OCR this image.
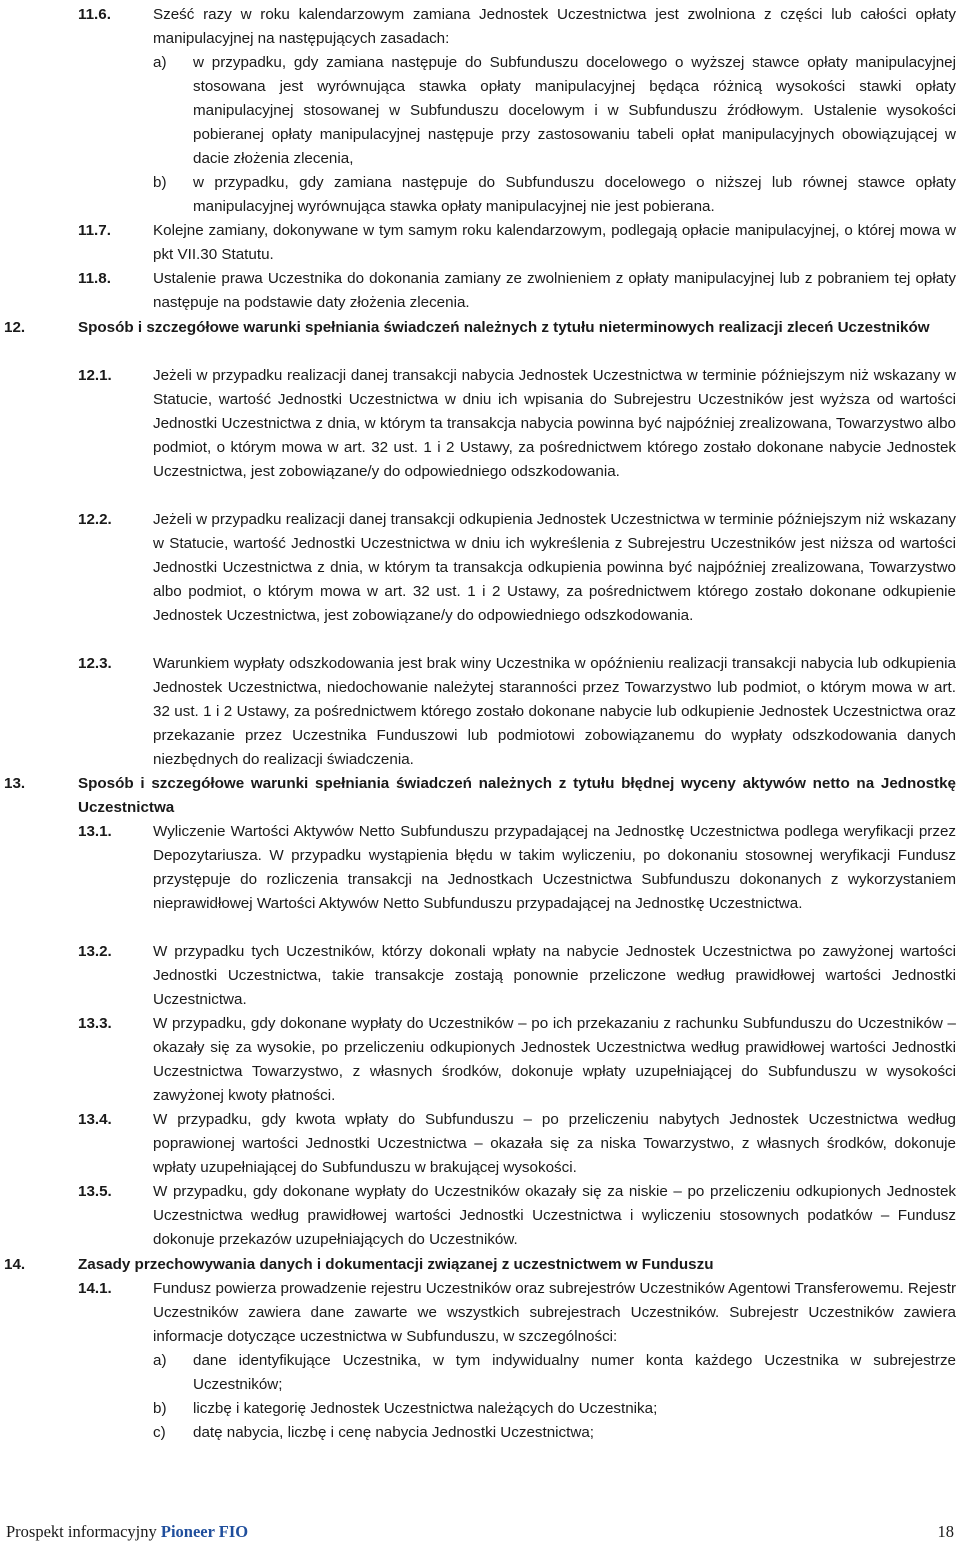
11.6.	Sześć razy w roku kalendarzowym zamiana Jednostek Uczestnictwa jest zwolniona z części lub całości opłaty manipulacyjnej na następujących zasadach:
a) w przypadku, gdy zamiana następuje do Subfunduszu docelowego o wyższej stawce opłaty manipulacyjnej stosowana jest wyrównująca stawka opłaty manipulacyjnej będąca różnicą wysokości stawki opłaty manipulacyjnej stosowanej w Subfunduszu docelowym i w Subfunduszu źródłowym. Ustalenie wysokości pobieranej opłaty manipulacyjnej następuje przy zastosowaniu tabeli opłat manipulacyjnych obowiązującej w dacie złożenia zlecenia,
b) w przypadku, gdy zamiana następuje do Subfunduszu docelowego o niższej lub równej stawce opłaty manipulacyjnej wyrównująca stawka opłaty manipulacyjnej nie jest pobierana.
11.7.	Kolejne zamiany, dokonywane w tym samym roku kalendarzowym, podlegają opłacie manipulacyjnej, o której mowa w pkt VII.30 Statutu.
11.8.	Ustalenie prawa Uczestnika do dokonania zamiany ze zwolnieniem z opłaty manipulacyjnej lub z pobraniem tej opłaty następuje na podstawie daty złożenia zlecenia.
12.	Sposób i szczegółowe warunki spełniania świadczeń należnych z tytułu nieterminowych realizacji zleceń Uczestników
12.1.	Jeżeli w przypadku realizacji danej transakcji nabycia Jednostek Uczestnictwa w terminie późniejszym niż wskazany w Statucie, wartość Jednostki Uczestnictwa w dniu ich wpisania do Subrejestru Uczestników jest wyższa od wartości Jednostki Uczestnictwa z dnia, w którym ta transakcja nabycia powinna być najpóźniej zrealizowana, Towarzystwo albo podmiot, o którym mowa w art. 32 ust. 1 i 2 Ustawy, za pośrednictwem którego zostało dokonane nabycie Jednostek Uczestnictwa, jest zobowiązane/y do odpowiedniego odszkodowania.
12.2.	Jeżeli w przypadku realizacji danej transakcji odkupienia Jednostek Uczestnictwa w terminie późniejszym niż wskazany w Statucie, wartość Jednostki Uczestnictwa w dniu ich wykreślenia z Subrejestru Uczestników jest niższa od wartości Jednostki Uczestnictwa z dnia, w którym ta transakcja odkupienia powinna być najpóźniej zrealizowana, Towarzystwo albo podmiot, o którym mowa w art. 32 ust. 1 i 2 Ustawy, za pośrednictwem którego zostało dokonane odkupienie Jednostek Uczestnictwa, jest zobowiązane/y do odpowiedniego odszkodowania.
12.3.	Warunkiem wypłaty odszkodowania jest brak winy Uczestnika w opóźnieniu realizacji transakcji nabycia lub odkupienia Jednostek Uczestnictwa, niedochowanie należytej staranności przez Towarzystwo lub podmiot, o którym mowa w art. 32 ust. 1 i 2 Ustawy, za pośrednictwem którego zostało dokonane nabycie lub odkupienie Jednostek Uczestnictwa oraz przekazanie przez Uczestnika Funduszowi lub podmiotowi zobowiązanemu do wypłaty odszkodowania danych niezbędnych do realizacji świadczenia.
13.	Sposób i szczegółowe warunki spełniania świadczeń należnych z tytułu błędnej wyceny aktywów netto na Jednostkę Uczestnictwa
13.1.	Wyliczenie Wartości Aktywów Netto Subfunduszu przypadającej na Jednostkę Uczestnictwa podlega weryfikacji przez Depozytariusza. W przypadku wystąpienia błędu w takim wyliczeniu, po dokonaniu stosownej weryfikacji Fundusz przystępuje do rozliczenia transakcji na Jednostkach Uczestnictwa Subfunduszu dokonanych z wykorzystaniem nieprawidłowej Wartości Aktywów Netto Subfunduszu przypadającej na Jednostkę Uczestnictwa.
13.2.	W przypadku tych Uczestników, którzy dokonali wpłaty na nabycie Jednostek Uczestnictwa po zawyżonej wartości Jednostki Uczestnictwa, takie transakcje zostają ponownie przeliczone według prawidłowej wartości Jednostki Uczestnictwa.
13.3.	W przypadku, gdy dokonane wypłaty do Uczestników – po ich przekazaniu z rachunku Subfunduszu do Uczestników – okazały się za wysokie, po przeliczeniu odkupionych Jednostek Uczestnictwa według prawidłowej wartości Jednostki Uczestnictwa Towarzystwo, z własnych środków, dokonuje wpłaty uzupełniającej do Subfunduszu w wysokości zawyżonej kwoty płatności.
13.4.	W przypadku, gdy kwota wpłaty do Subfunduszu – po przeliczeniu nabytych Jednostek Uczestnictwa według poprawionej wartości Jednostki Uczestnictwa – okazała się za niska Towarzystwo, z własnych środków, dokonuje wpłaty uzupełniającej do Subfunduszu w brakującej wysokości.
13.5.	W przypadku, gdy dokonane wypłaty do Uczestników okazały się za niskie – po przeliczeniu odkupionych Jednostek Uczestnictwa według prawidłowej wartości Jednostki Uczestnictwa i wyliczeniu stosownych podatków – Fundusz dokonuje przekazów uzupełniających do Uczestników.
14.	Zasady przechowywania danych i dokumentacji związanej z uczestnictwem w Funduszu
14.1.	Fundusz powierza prowadzenie rejestru Uczestników oraz subrejestrów Uczestników Agentowi Transferowemu. Rejestr Uczestników zawiera dane zawarte we wszystkich subrejestrach Uczestników. Subrejestr Uczestników zawiera informacje dotyczące uczestnictwa w Subfunduszu, w szczególności:
a) dane identyfikujące Uczestnika, w tym indywidualny numer konta każdego Uczestnika w subrejestrze Uczestników;
b) liczbę i kategorię Jednostek Uczestnictwa należących do Uczestnika;
c) datę nabycia, liczbę i cenę nabycia Jednostki Uczestnictwa;
Prospekt informacyjny Pioneer FIO	18
